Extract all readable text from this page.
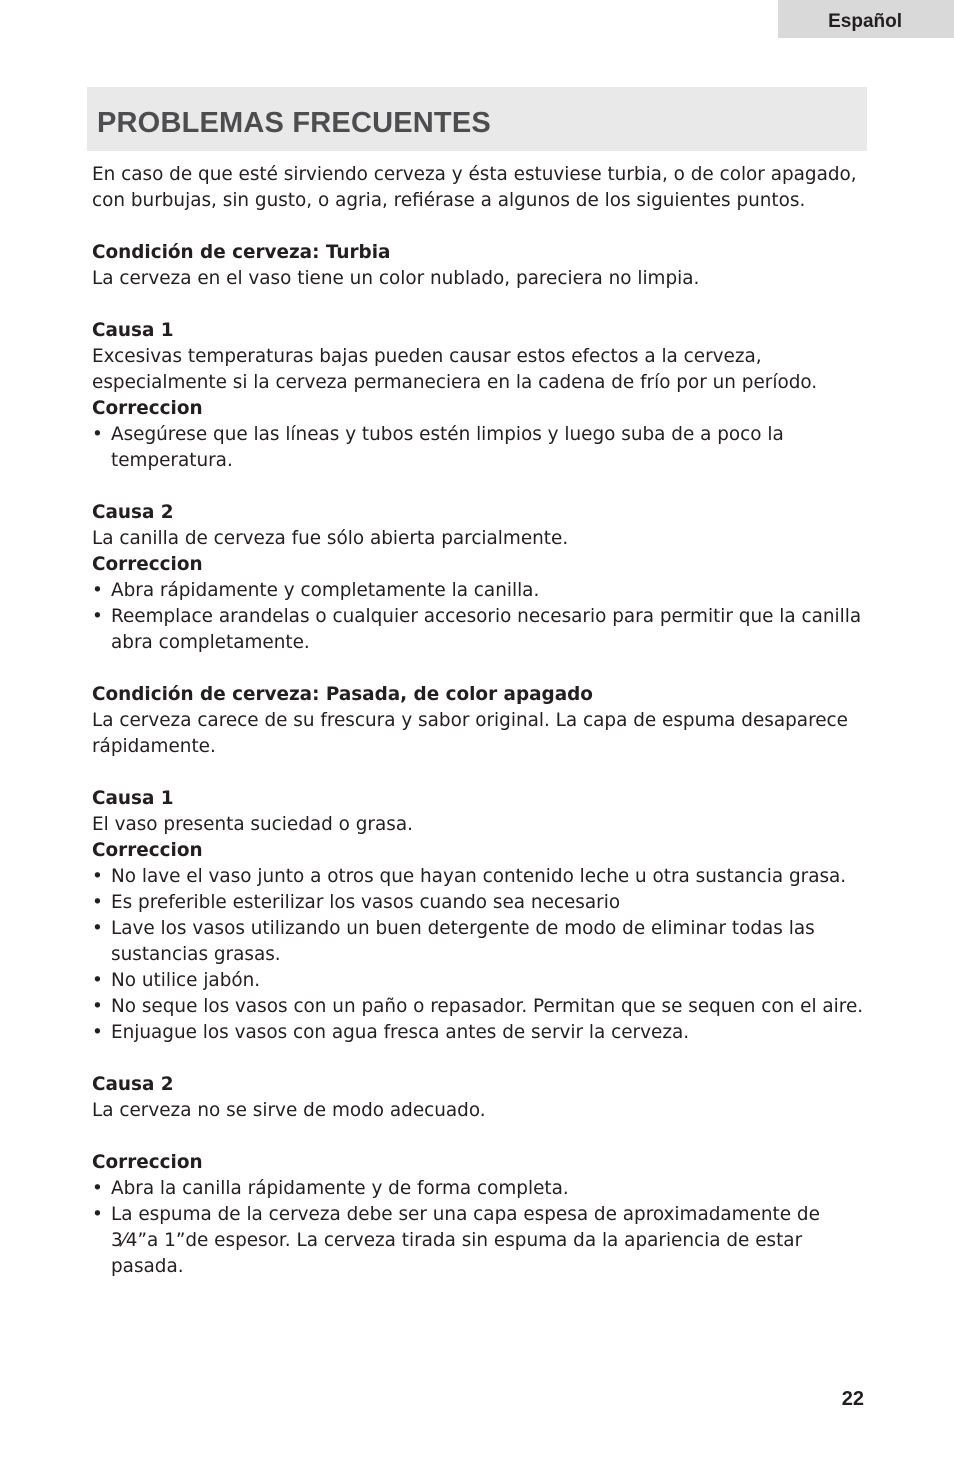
Español
PROBLEMAS FRECUENTES

En caso de que esté sirviendo cerveza y ésta estuviese turbia, o de color apagado, con burbujas, sin gusto, o agria, refiérase a algunos de los siguientes puntos.

Condición de cerveza: Turbia

La cerveza en el vaso tiene un color nublado, pareciera no limpia.

Causa 1

Excesivas temperaturas bajas pueden causar estos efectos a la cerveza, especialmente si la cerveza permaneciera en la cadena de frío por un período.

Correccion

• Asegúrese que las líneas y tubos estén limpios y luego suba de a poco la temperatura.

Causa 2

La canilla de cerveza fue sólo abierta parcialmente.

Correccion

• Abra rápidamente y completamente la canilla.
• Reemplace arandelas o cualquier accesorio necesario para permitir que la canilla abra completamente.

Condición de cerveza: Pasada, de color apagado

La cerveza carece de su frescura y sabor original. La capa de espuma desaparece rápidamente.

Causa 1

El vaso presenta suciedad o grasa.

Correccion

• No lave el vaso junto a otros que hayan contenido leche u otra sustancia grasa.
• Es preferible esterilizar los vasos cuando sea necesario
• Lave los vasos utilizando un buen detergente de modo de eliminar todas las sustancias grasas.
• No utilice jabón.
• No seque los vasos con un paño o repasador. Permitan que se sequen con el aire.
• Enjuague los vasos con agua fresca antes de servir la cerveza.

Causa 2

La cerveza no se sirve de modo adecuado.

Correccion

• Abra la canilla rápidamente y de forma completa.
• La espuma de la cerveza debe ser una capa espesa de aproximadamente de 3⁄4”a 1”de espesor. La cerveza tirada sin espuma da la apariencia de estar pasada.
22
